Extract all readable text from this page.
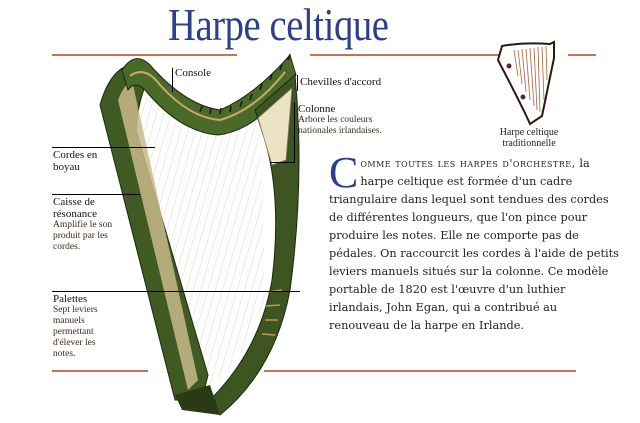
Harpe celtique
Console
Chevilles d'accord
Colonne
Arbore les couleurs nationales irlandaises.
Cordes en boyau
Caisse de résonance
Amplifie le son produit par les cordes.
Palettes
Sept leviers manuels permettant d'élever les notes.
Harpe celtique traditionnelle
C omme toutes les harpes d'orchestre, la harpe celtique est formée d'un cadre triangulaire dans lequel sont tendues des cordes de différentes longueurs, que l'on pince pour produire les notes. Elle ne comporte pas de pédales. On raccourcit les cordes à l'aide de petits leviers manuels situés sur la colonne. Ce modèle portable de 1820 est l'œuvre d'un luthier irlandais, John Egan, qui a contribué au renouveau de la harpe en Irlande.
